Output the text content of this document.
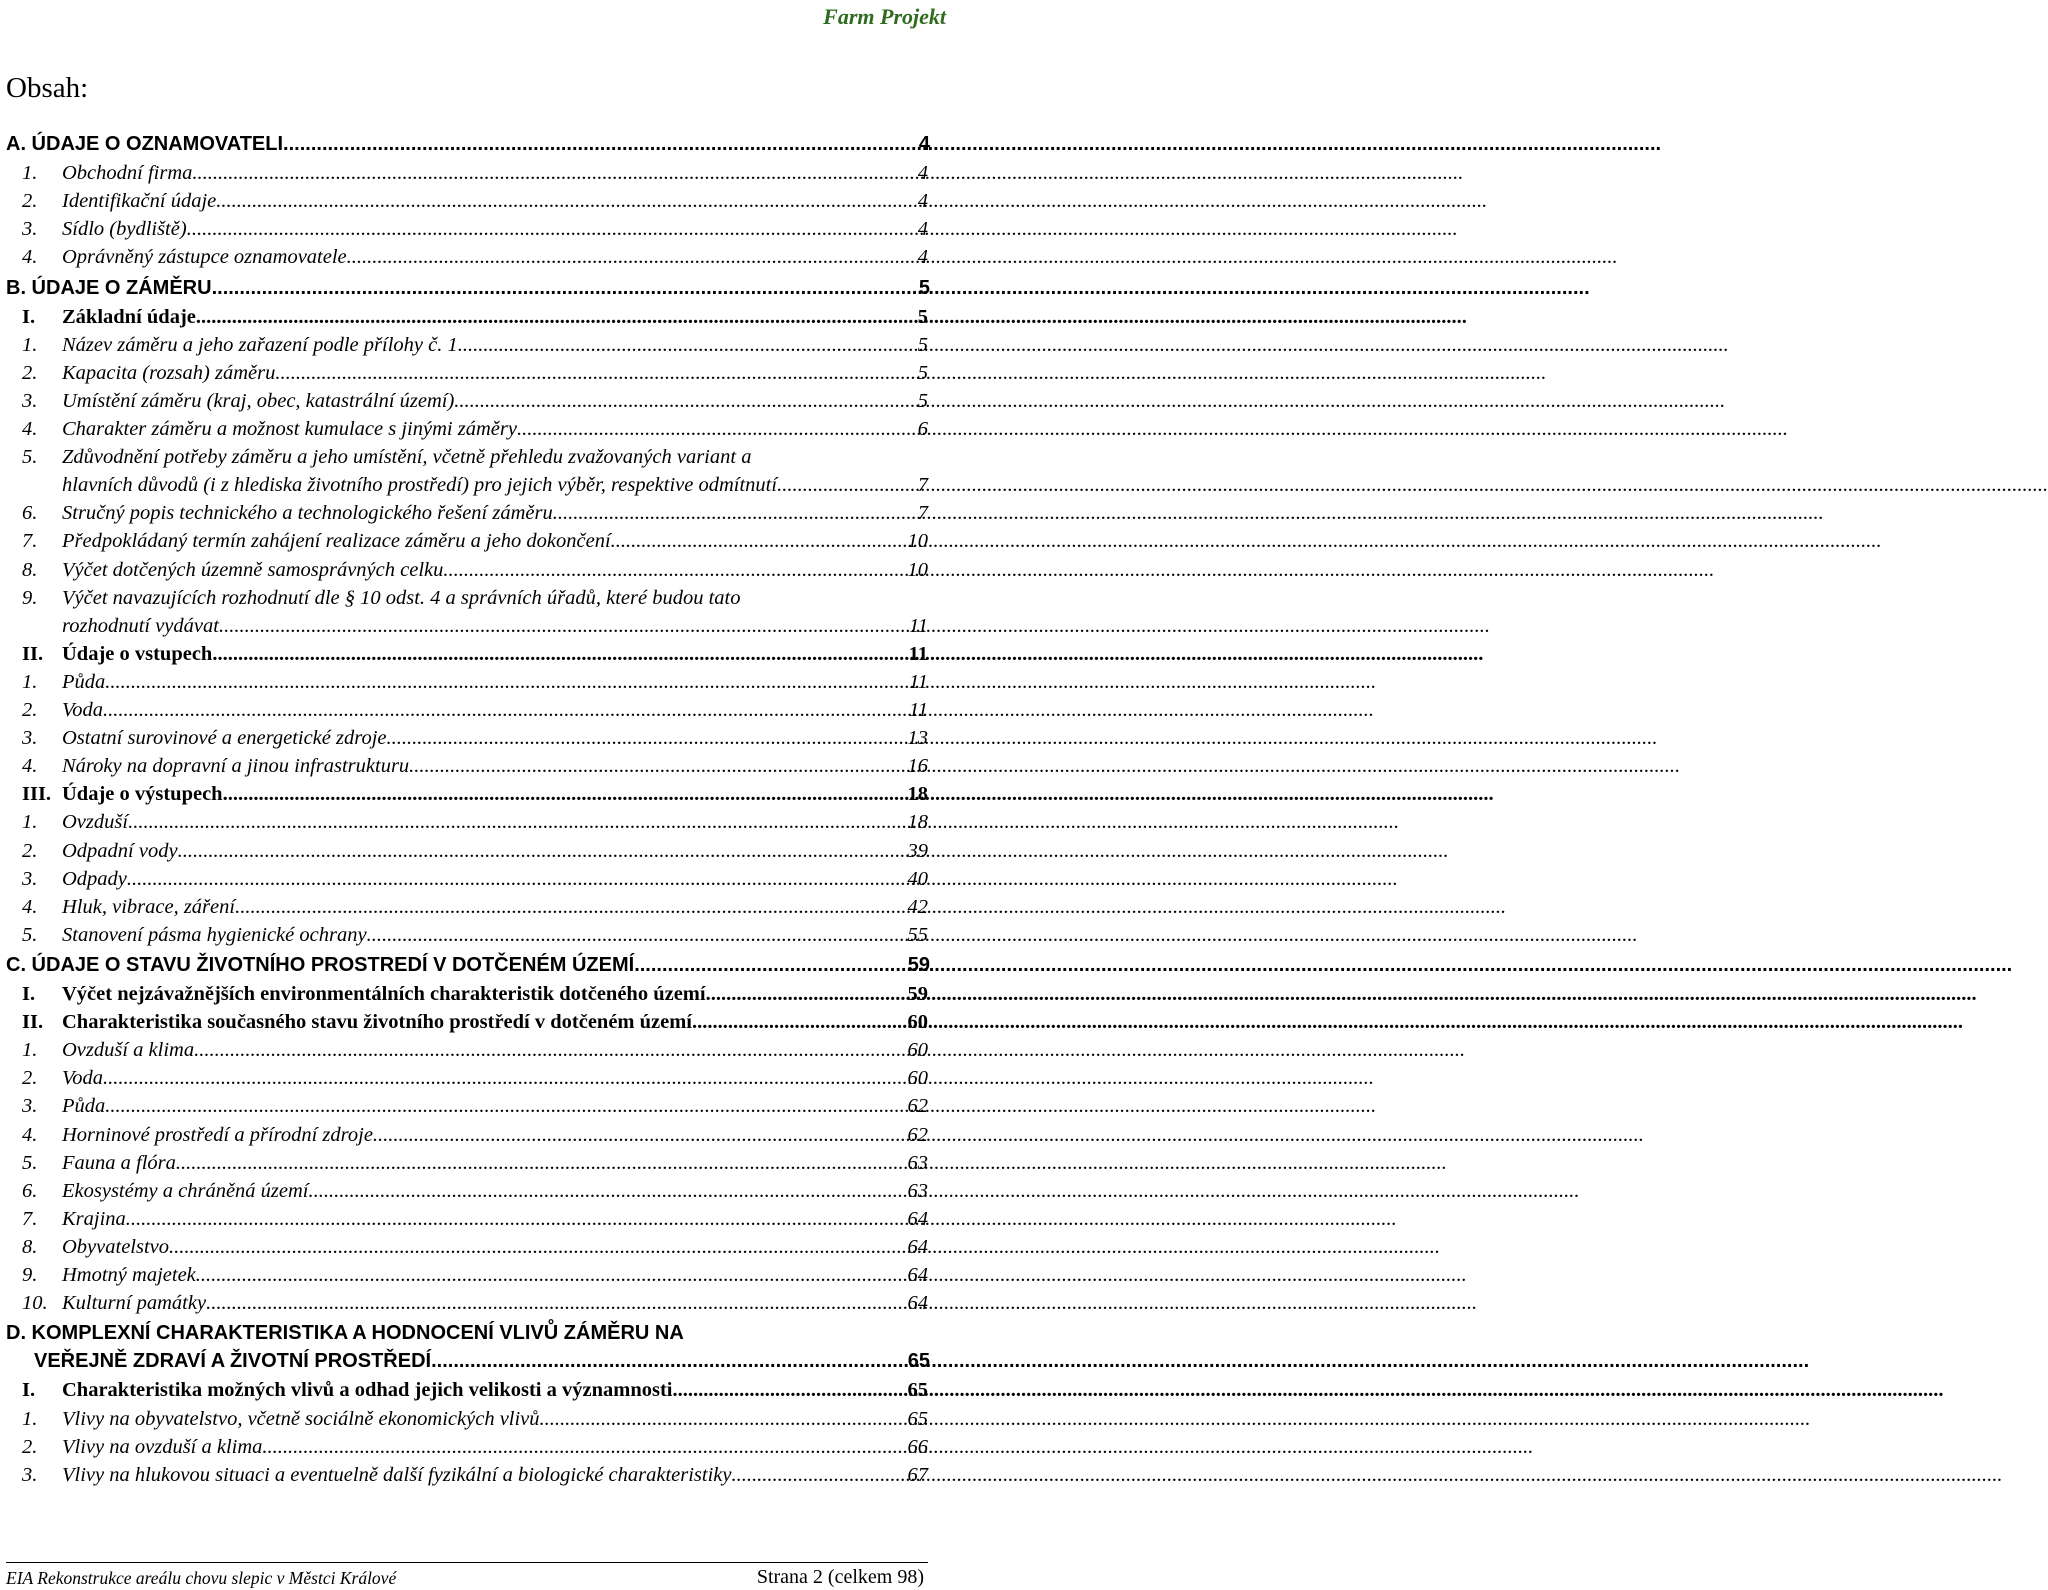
Farm Projekt
Obsah:
A. ÚDAJE O OZNAMOVATELI .....	4
1. Obchodní firma .....	4
2. Identifikační údaje .....	4
3. Sídlo (bydliště) .....	4
4. Oprávněný zástupce oznamovatele .....	4
B. ÚDAJE O ZÁMĚRU .....	5
I. Základní údaje .....	5
1. Název záměru a jeho zařazení podle přílohy č. 1 .....	5
2. Kapacita (rozsah) záměru .....	5
3. Umístění záměru (kraj, obec, katastrální území) .....	5
4. Charakter záměru a možnost kumulace s jinými záměry .....	6
5. Zdůvodnění potřeby záměru a jeho umístění, včetně přehledu zvažovaných variant a
hlavních důvodů (i z hlediska životního prostředí) pro jejich výběr, respektive odmítnutí .....	7
6. Stručný popis technického a technologického řešení záměru .....	7
7. Předpokládaný termín zahájení realizace záměru a jeho dokončení .....	10
8. Výčet dotčených územně samosprávných celku .....	10
9. Výčet navazujících rozhodnutí dle § 10 odst. 4 a správních úřadů, které budou tato
rozhodnutí vydávat .....	11
II. Údaje o vstupech .....	11
1. Půda .....	11
2. Voda .....	11
3. Ostatní surovinové a energetické zdroje .....	13
4. Nároky na dopravní a jinou infrastrukturu .....	16
III. Údaje o výstupech .....	18
1. Ovzduší .....	18
2. Odpadní vody .....	39
3. Odpady .....	40
4. Hluk, vibrace, záření .....	42
5. Stanovení pásma hygienické ochrany .....	55
C. ÚDAJE O STAVU ŽIVOTNÍHO PROSTREDÍ V DOTČENÉM ÚZEMÍ .....	59
I. Výčet nejzávažnějších environmentálních charakteristik dotčeného území .....	59
II. Charakteristika současného stavu životního prostředí v dotčeném území .....	60
1. Ovzduší a klima .....	60
2. Voda .....	60
3. Půda .....	62
4. Horninové prostředí a přírodní zdroje .....	62
5. Fauna a flóra .....	63
6. Ekosystémy a chráněná území .....	63
7. Krajina .....	64
8. Obyvatelstvo .....	64
9. Hmotný majetek .....	64
10. Kulturní památky .....	64
D. KOMPLEXNÍ CHARAKTERISTIKA A HODNOCENÍ VLIVŮ ZÁMĚRU NA
VEŘEJNĚ ZDRAVÍ A ŽIVOTNÍ PROSTŘEDÍ .....	65
I. Charakteristika možných vlivů a odhad jejich velikosti a významnosti .....	65
1. Vlivy na obyvatelstvo, včetně sociálně ekonomických vlivů .....	65
2. Vlivy na ovzduší a klima .....	66
3. Vlivy na hlukovou situaci a eventuelně další fyzikální a biologické charakteristiky .....	67
EIA Rekonstrukce areálu chovu slepic v Městci Králové	Strana 2 (celkem 98)
